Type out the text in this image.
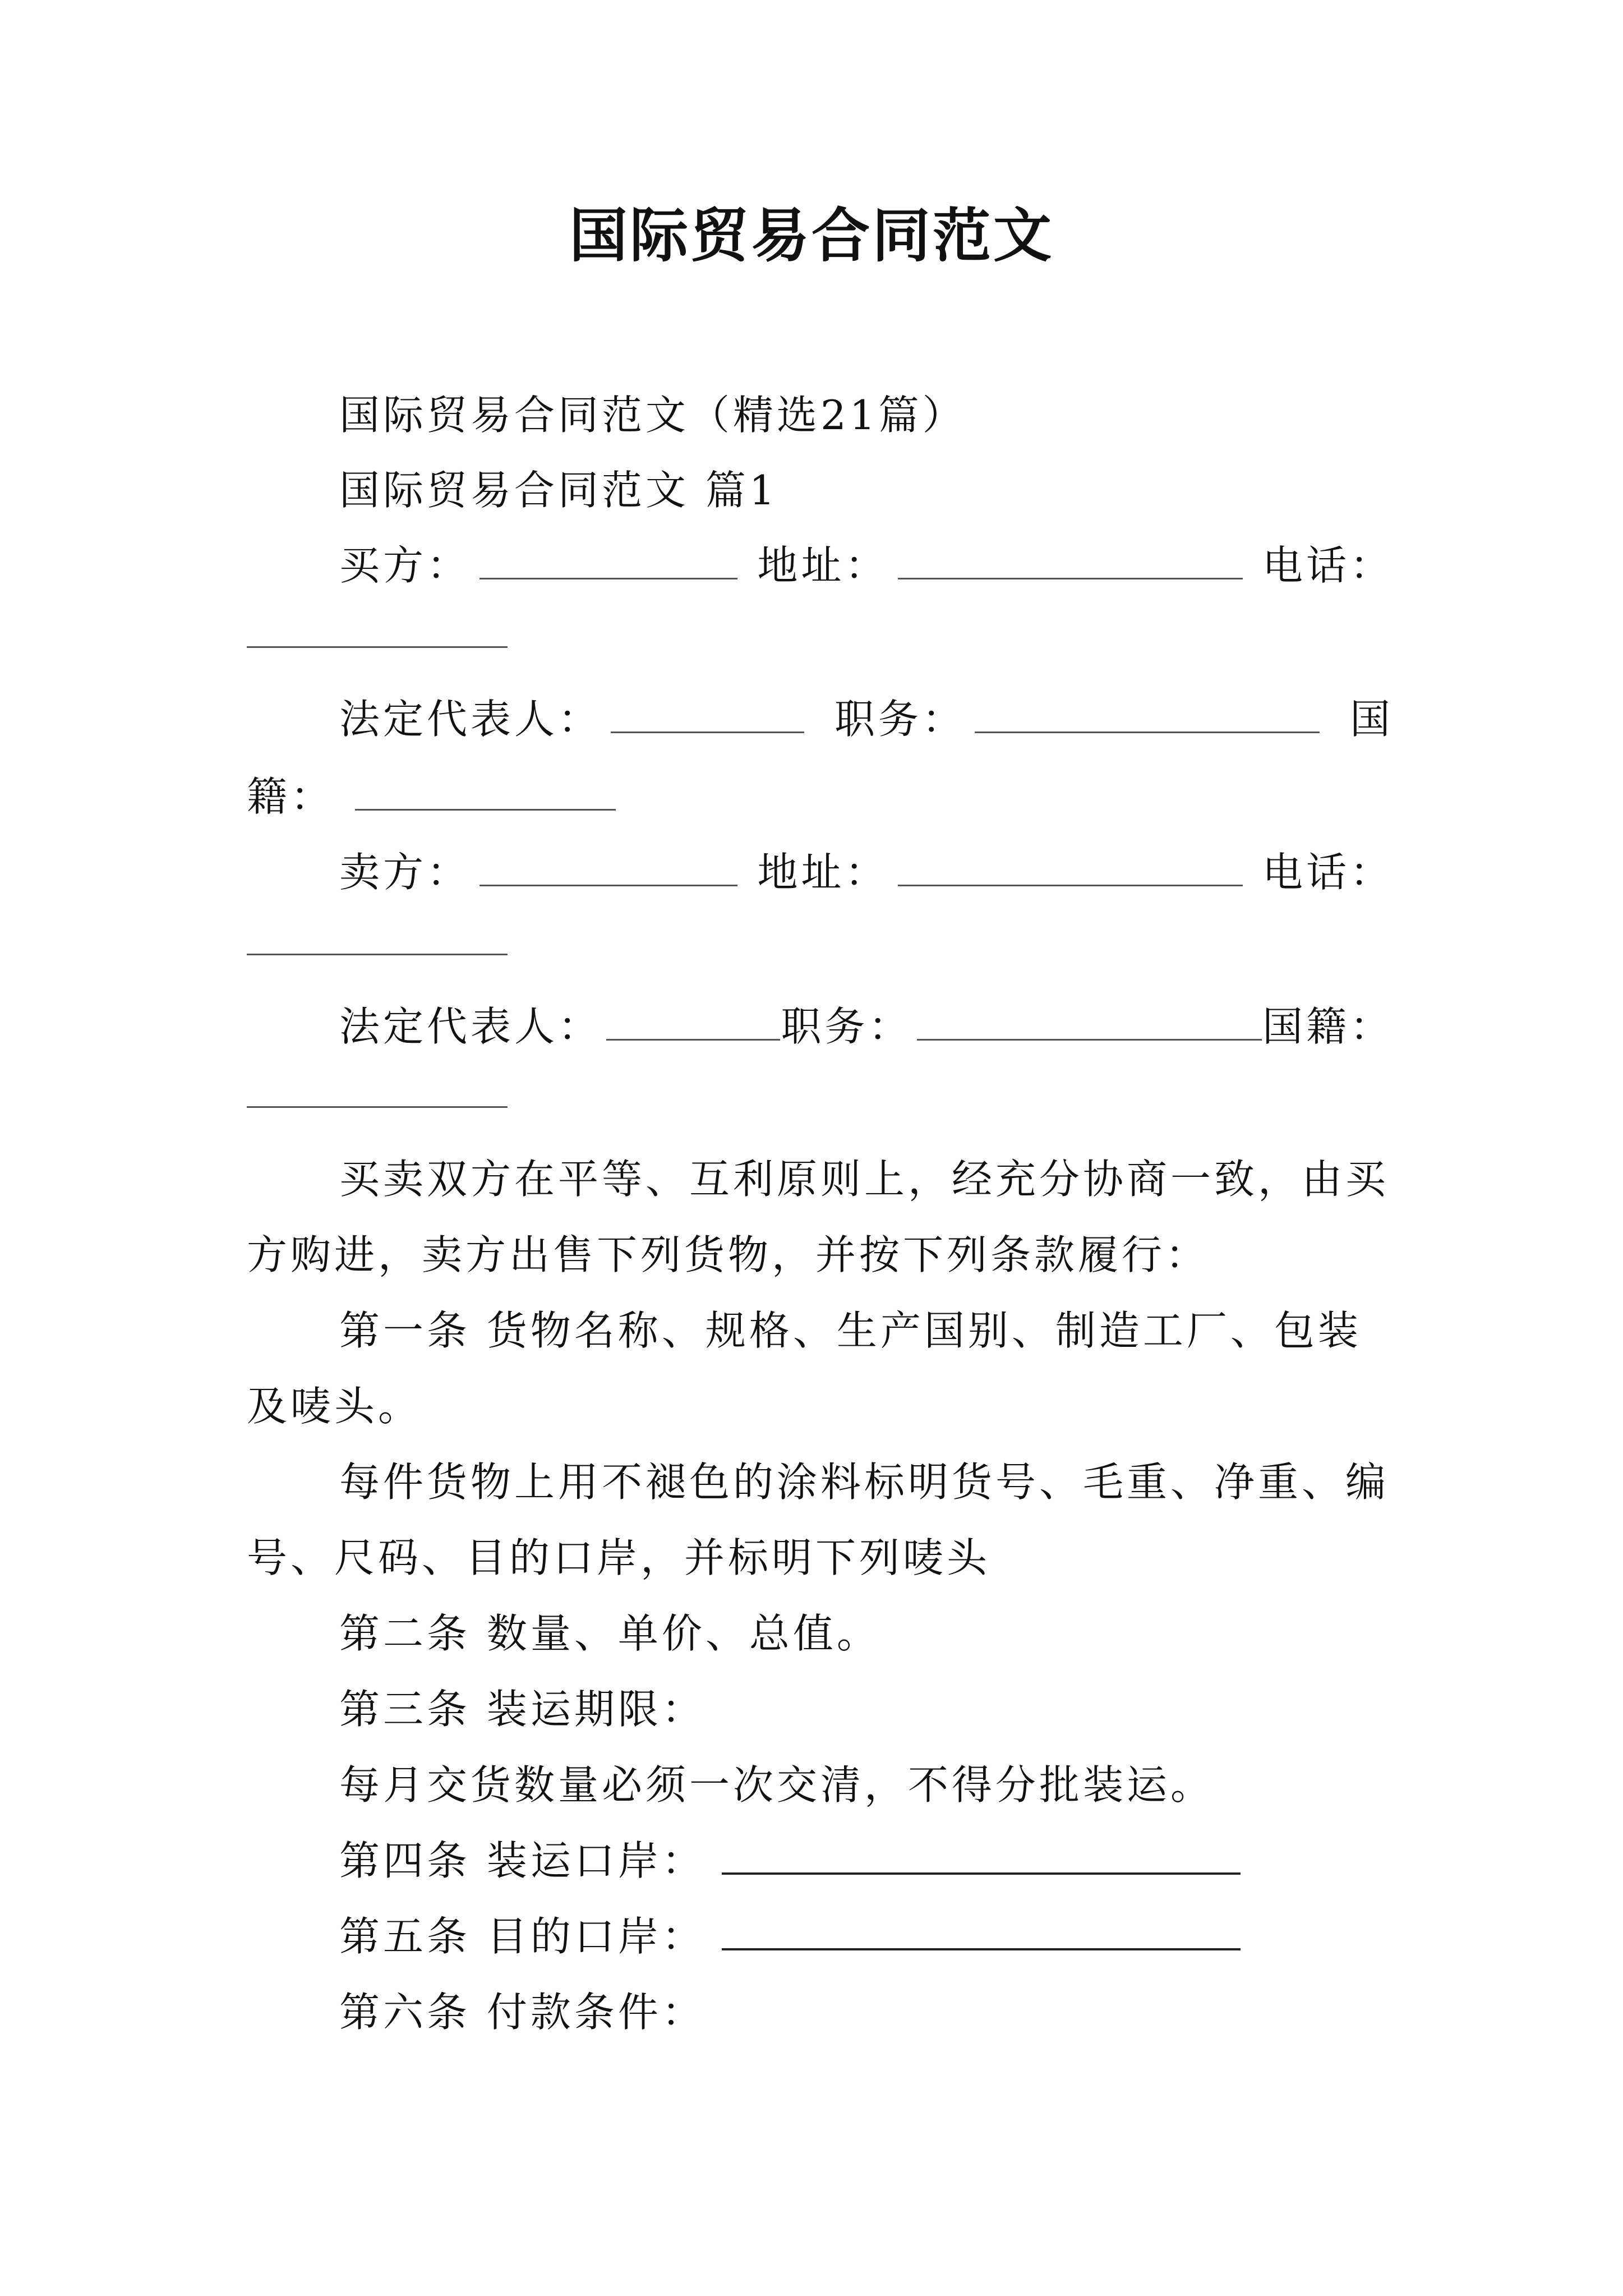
国际贸易合同范文
国际贸易合同范文（精选21篇）
国际贸易合同范文 篇1
买方：	地址：	电话：
法定代表人：	职务：	国
籍：
卖方：	地址：	电话：
法定代表人：	职务：	国籍：
买卖双方在平等、互利原则上，经充分协商一致，由买
方购进，卖方出售下列货物，并按下列条款履行：
第一条 货物名称、规格、生产国别、制造工厂、包装
及唛头。
每件货物上用不褪色的涂料标明货号、毛重、净重、编
号、尺码、目的口岸，并标明下列唛头
第二条 数量、单价、总值。
第三条 装运期限：
每月交货数量必须一次交清，不得分批装运。
第四条 装运口岸：
第五条 目的口岸：
第六条 付款条件：
